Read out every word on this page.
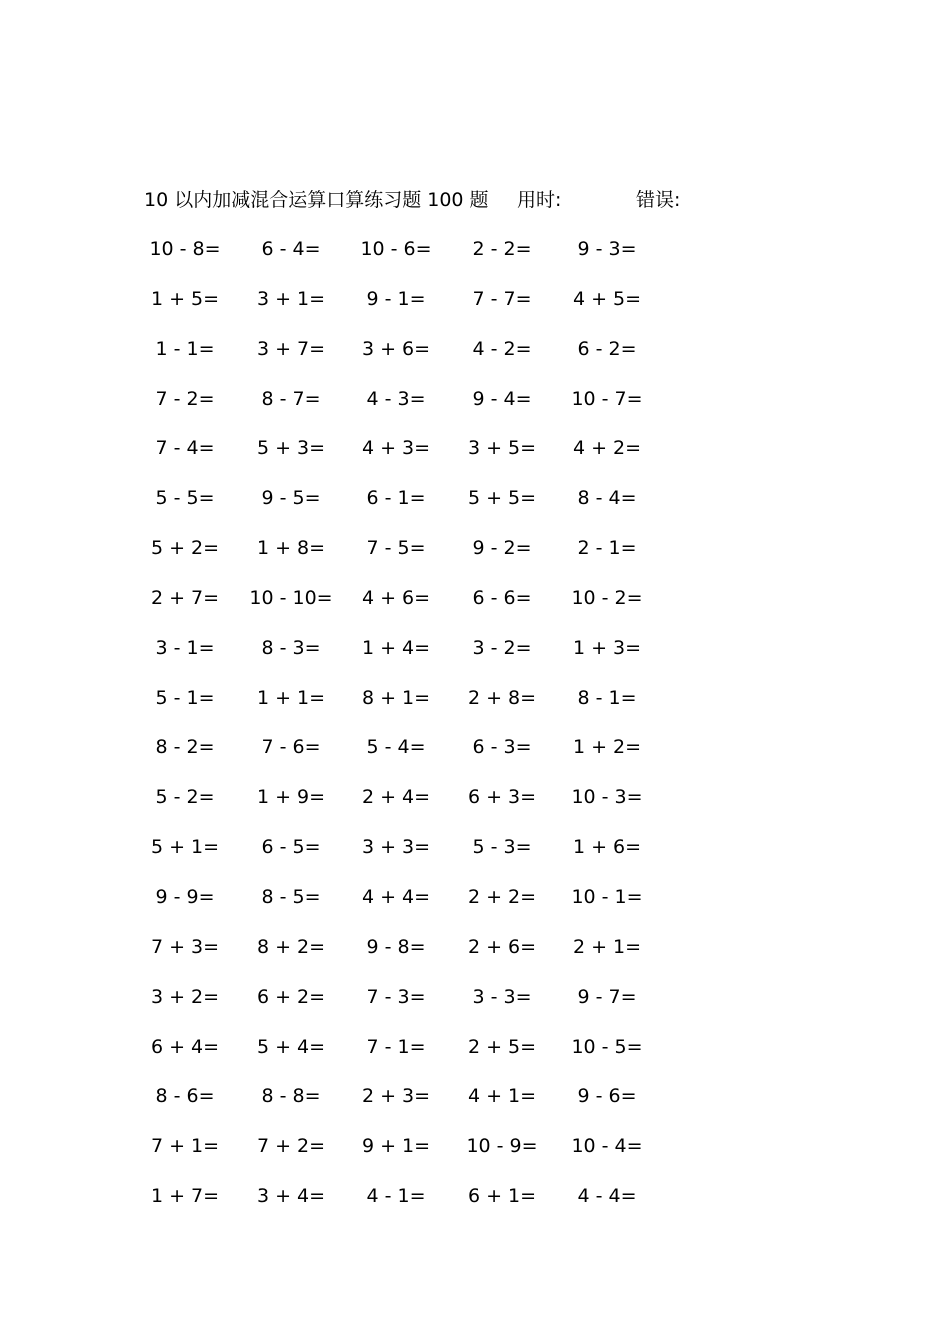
10 以内加减混合运算口算练习题 100 题 用时:	错误:
10 - 8=	6 - 4=	10 - 6=	2 - 2=	9 - 3=
1 + 5=	3 + 1=	9 - 1=	7 - 7=	4 + 5=
1 - 1=	3 + 7=	3 + 6=	4 - 2=	6 - 2=
7 - 2=	8 - 7=	4 - 3=	9 - 4=	10 - 7=
7 - 4=	5 + 3=	4 + 3=	3 + 5=	4 + 2=
5 - 5=	9 - 5=	6 - 1=	5 + 5=	8 - 4=
5 + 2=	1 + 8=	7 - 5=	9 - 2=	2 - 1=
2 + 7=	10 - 10=	4 + 6=	6 - 6=	10 - 2=
3 - 1=	8 - 3=	1 + 4=	3 - 2=	1 + 3=
5 - 1=	1 + 1=	8 + 1=	2 + 8=	8 - 1=
8 - 2=	7 - 6=	5 - 4=	6 - 3=	1 + 2=
5 - 2=	1 + 9=	2 + 4=	6 + 3=	10 - 3=
5 + 1=	6 - 5=	3 + 3=	5 - 3=	1 + 6=
9 - 9=	8 - 5=	4 + 4=	2 + 2=	10 - 1=
7 + 3=	8 + 2=	9 - 8=	2 + 6=	2 + 1=
3 + 2=	6 + 2=	7 - 3=	3 - 3=	9 - 7=
6 + 4=	5 + 4=	7 - 1=	2 + 5=	10 - 5=
8 - 6=	8 - 8=	2 + 3=	4 + 1=	9 - 6=
7 + 1=	7 + 2=	9 + 1=	10 - 9=	10 - 4=
1 + 7=	3 + 4=	4 - 1=	6 + 1=	4 - 4=
